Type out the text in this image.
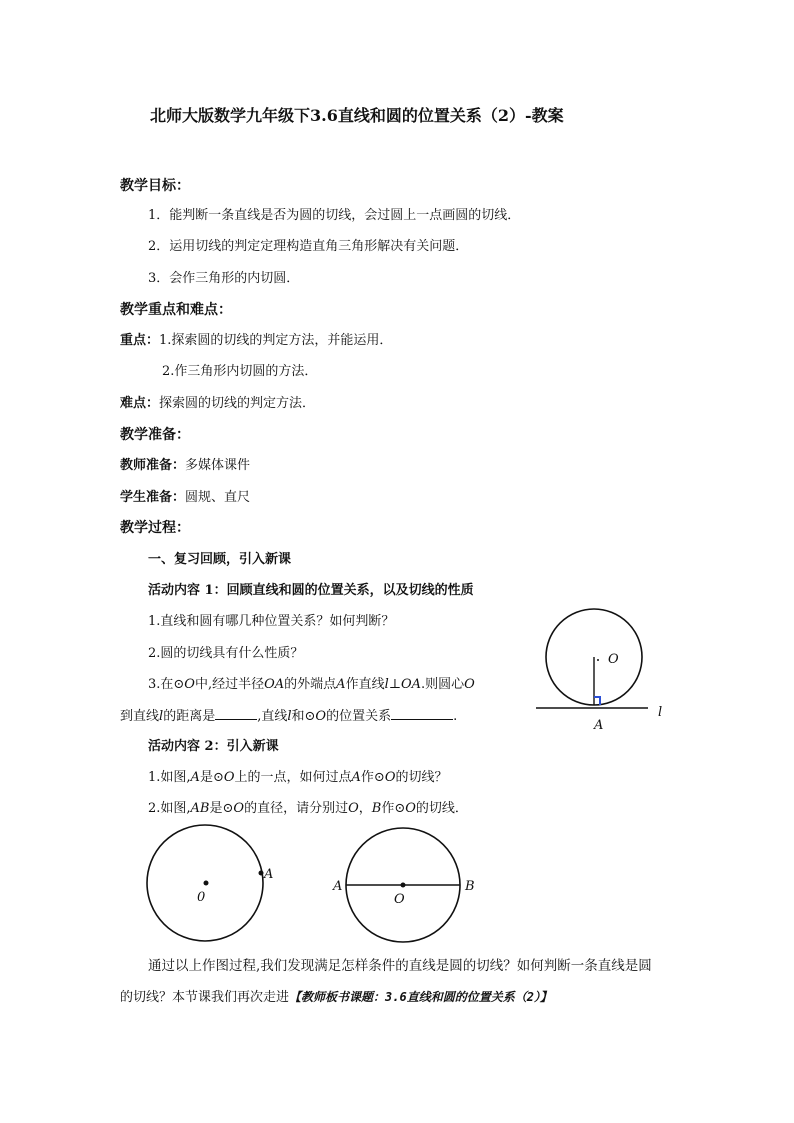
北师大版数学九年级下3.6直线和圆的位置关系（2）-教案
教学目标：
1．能判断一条直线是否为圆的切线，会过圆上一点画圆的切线．
2．运用切线的判定定理构造直角三角形解决有关问题．
3．会作三角形的内切圆．
教学重点和难点：
重点：1.探索圆的切线的判定方法，并能运用．
2.作三角形内切圆的方法．
难点：探索圆的切线的判定方法．
教学准备：
教师准备：多媒体课件
学生准备：圆规、直尺
教学过程：
一、复习回顾，引入新课
活动内容 1：回顾直线和圆的位置关系，以及切线的性质
1.直线和圆有哪几种位置关系？如何判断？
2.圆的切线具有什么性质？
3.在⊙O中,经过半径OA的外端点A作直线l⊥OA.则圆心O
到直线l的距离是	,直线l和⊙O的位置关系	.
活动内容 2：引入新课
1.如图,A是⊙O上的一点，如何过点A作⊙O的切线？
2.如图,AB是⊙O的直径，请分别过O，B作⊙O的切线．
O
A
l
0
A
A	B
O
通过以上作图过程,我们发现满足怎样条件的直线是圆的切线？如何判断一条直线是圆
的切线？本节课我们再次走进【教师板书课题：3.6直线和圆的位置关系（2）】
